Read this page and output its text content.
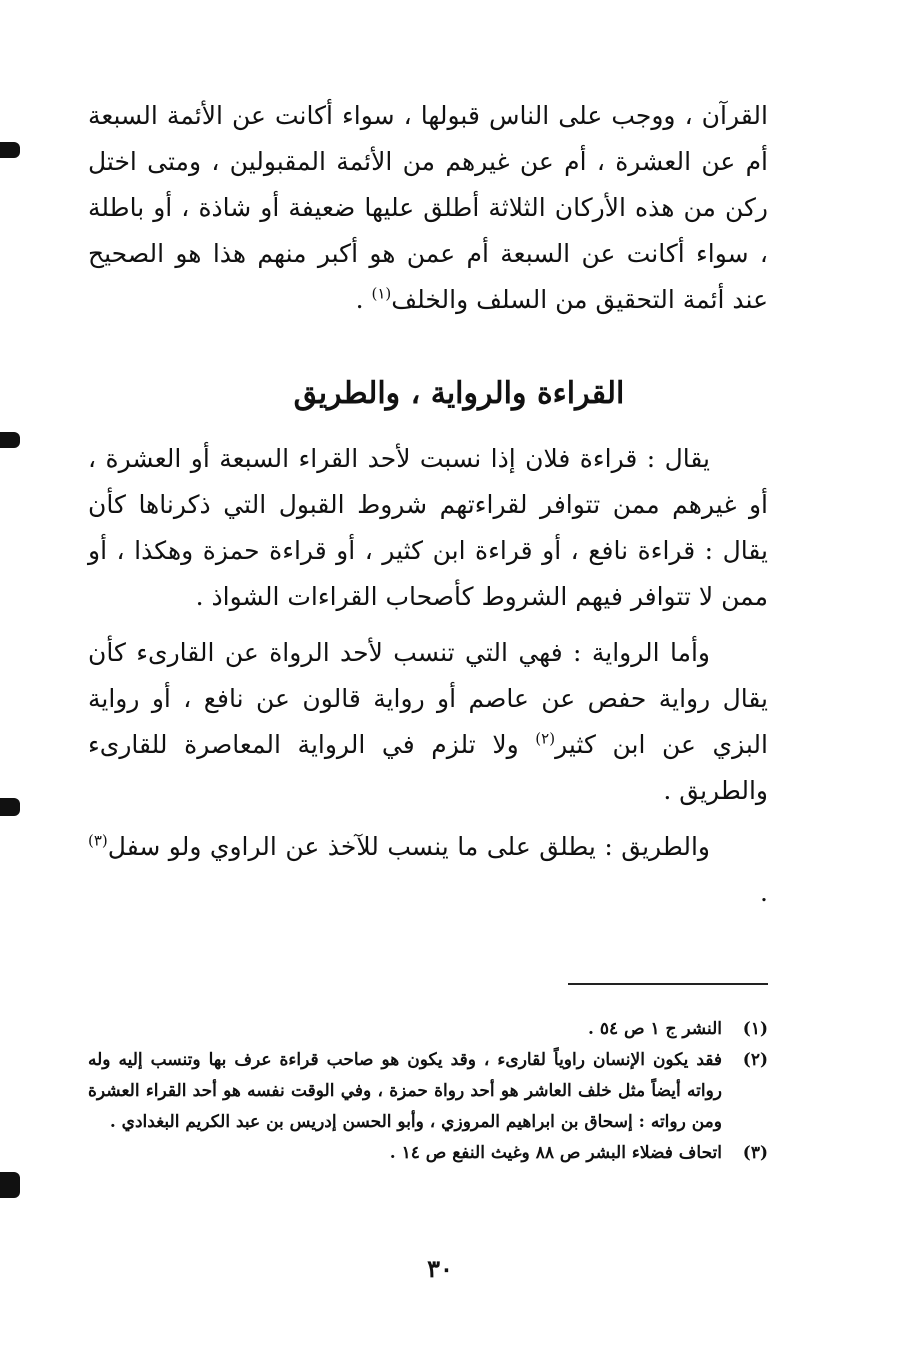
القرآن ، ووجب على الناس قبولها ، سواء أكانت عن الأئمة السبعة أم عن العشرة ، أم عن غيرهم من الأئمة المقبولين ، ومتى اختل ركن من هذه الأركان الثلاثة أطلق عليها ضعيفة أو شاذة ، أو باطلة ، سواء أكانت عن السبعة أم عمن هو أكبر منهم هذا هو الصحيح عند أئمة التحقيق من السلف والخلف$^{(١)}$ .

القراءة والرواية ، والطريق

يقال : قراءة فلان إذا نسبت لأحد القراء السبعة أو العشرة ، أو غيرهم ممن تتوافر لقراءتهم شروط القبول التي ذكرناها كأن يقال : قراءة نافع ، أو قراءة ابن كثير ، أو قراءة حمزة وهكذا ، أو ممن لا تتوافر فيهم الشروط كأصحاب القراءات الشواذ .

وأما الرواية : فهي التي تنسب لأحد الرواة عن القارىء كأن يقال رواية حفص عن عاصم أو رواية قالون عن نافع ، أو رواية البزي عن ابن كثير$^{(٢)}$ ولا تلزم في الرواية المعاصرة للقارىء والطريق .

والطريق : يطلق على ما ينسب للآخذ عن الراوي ولو سفل$^{(٣)}$ .

(١)
النشر ج ١ ص ٥٤ .
(٢)
فقد يكون الإنسان راوياً لقارىء ، وقد يكون هو صاحب قراءة عرف بها وتنسب إليه وله رواته أيضاً مثل خلف العاشر هو أحد رواة حمزة ، وفي الوقت نفسه هو أحد القراء العشرة ومن رواته : إسحاق بن ابراهيم المروزي ، وأبو الحسن إدريس بن عبد الكريم البغدادي .
(٣)
اتحاف فضلاء البشر ص ٨٨ وغيث النفع ص ١٤ .
٣٠
